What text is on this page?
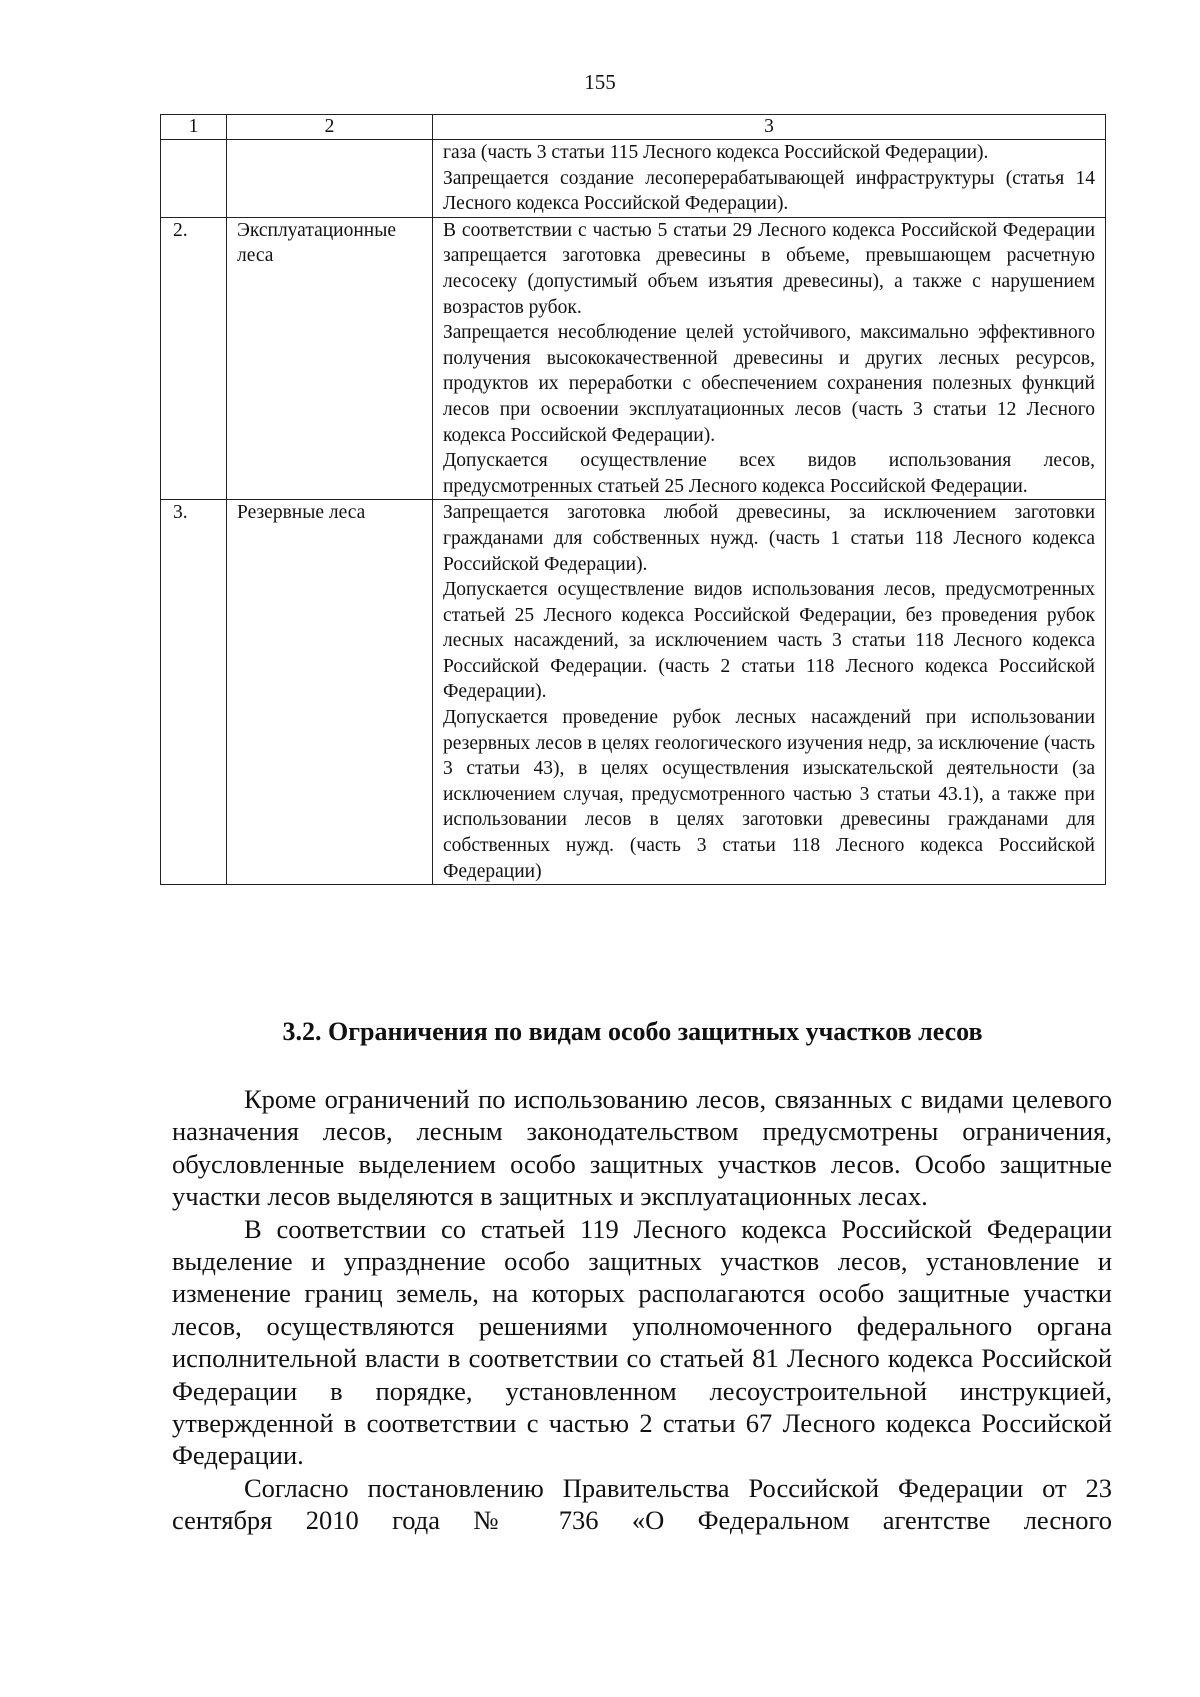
155
1	2	3

		газа (часть 3 статьи 115 Лесного кодекса Российской Федерации).

Запрещается создание лесоперерабатывающей инфраструктуры (статья 14 Лесного кодекса Российской Федерации).

2.	Эксплуатационные леса	В соответствии с частью 5 статьи 29 Лесного кодекса Российской Федерации запрещается заготовка древесины в объеме, превышающем расчетную лесосеку (допустимый объем изъятия древесины), а также с нарушением возрастов рубок.

Запрещается несоблюдение целей устойчивого, максимально эффективного получения высококачественной древесины и других лесных ресурсов, продуктов их переработки с обеспечением сохранения полезных функций лесов при освоении эксплуатационных лесов (часть 3 статьи 12 Лесного кодекса Российской Федерации).

Допускается осуществление всех видов использования лесов, предусмотренных статьей 25 Лесного кодекса Российской Федерации.

3.	Резервные леса	Запрещается заготовка любой древесины, за исключением заготовки гражданами для собственных нужд. (часть 1 статьи 118 Лесного кодекса Российской Федерации).

Допускается осуществление видов использования лесов, предусмотренных статьей 25 Лесного кодекса Российской Федерации, без проведения рубок лесных насаждений, за исключением часть 3 статьи 118 Лесного кодекса Российской Федерации. (часть 2 статьи 118 Лесного кодекса Российской Федерации).

Допускается проведение рубок лесных насаждений при использовании резервных лесов в целях геологического изучения недр, за исключение (часть 3 статьи 43), в целях осуществления изыскательской деятельности (за исключением случая, предусмотренного частью 3 статьи 43.1), а также при использовании лесов в целях заготовки древесины гражданами для собственных нужд. (часть 3 статьи 118 Лесного кодекса Российской Федерации)

3.2. Ограничения по видам особо защитных участков лесов

Кроме ограничений по использованию лесов, связанных с видами целевого назначения лесов, лесным законодательством предусмотрены ограничения, обусловленные выделением особо защитных участков лесов. Особо защитные участки лесов выделяются в защитных и эксплуатационных лесах.

В соответствии со статьей 119 Лесного кодекса Российской Федерации выделение и упразднение особо защитных участков лесов, установление и изменение границ земель, на которых располагаются особо защитные участки лесов, осуществляются решениями уполномоченного федерального органа исполнительной власти в соответствии со статьей 81 Лесного кодекса Российской Федерации в порядке, установленном лесоустроительной инструкцией, утвержденной в соответствии с частью 2 статьи 67 Лесного кодекса Российской Федерации.

Согласно постановлению Правительства Российской Федерации от 23 сентября 2010 года № 736 «О Федеральном агентстве лесного
